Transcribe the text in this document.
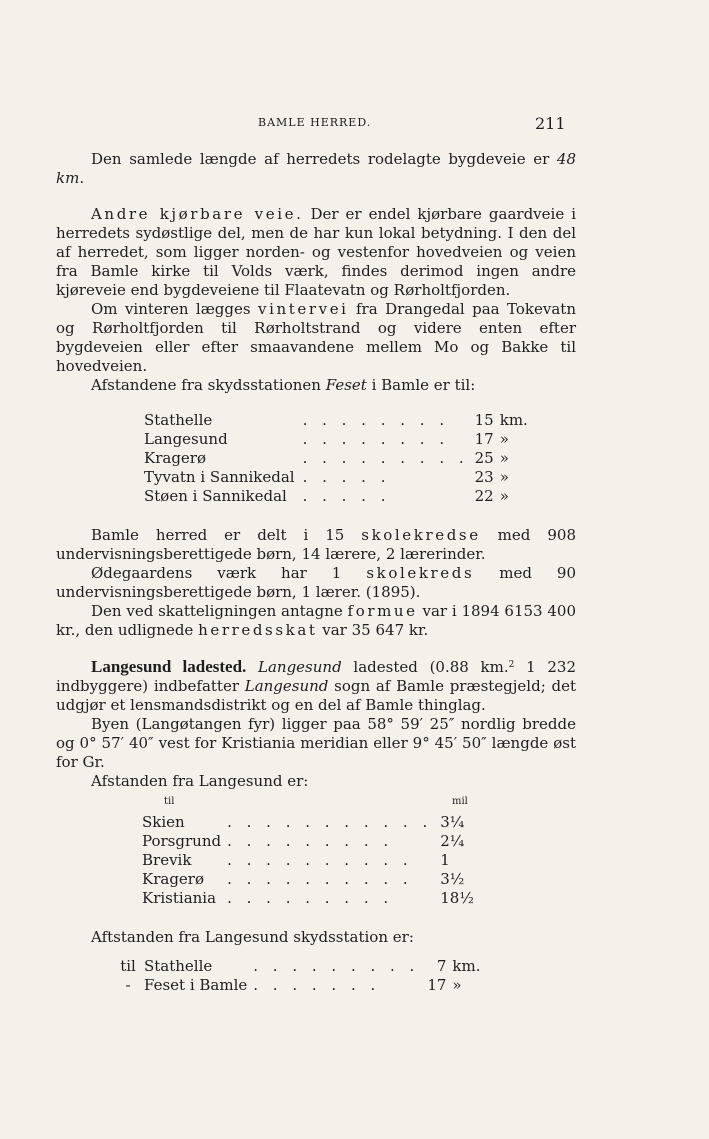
BAMLE HERRED.	211

Den samlede længde af herredets rodelagte bygdeveie er 48 km.

Andre kjørbare veie. Der er endel kjørbare gaardveie i herredets sydøstlige del, men de har kun lokal betydning. I den del af herredet, som ligger norden- og vestenfor hovedveien og veien fra Bamle kirke til Volds værk, findes derimod ingen andre kjøreveie end bygdeveiene til Flaatevatn og Rørholtfjorden.

Om vinteren lægges vintervei fra Drangedal paa Tokevatn og Rørholtfjorden til Rørholtstrand og videre enten efter bygdeveien eller efter smaavandene mellem Mo og Bakke til hovedveien.

Afstandene fra skydsstationen Feset i Bamle er til:

Stathelle	. . . . . . . .	15	km.
Langesund	. . . . . . . .	17	»
Kragerø	. . . . . . . . .	25	»
Tyvatn i Sannikedal	. . . . .	23	»
Støen i Sannikedal	. . . . .	22	»

Bamle herred er delt i 15 skolekredse med 908 undervisningsberettigede børn, 14 lærere, 2 lærerinder.

Ødegaardens værk har 1 skolekreds med 90 undervisningsberettigede børn, 1 lærer. (1895).

Den ved skatteligningen antagne formue var i 1894 6153 400 kr., den udlignede herredsskat var 35 647 kr.

Langesund ladested. Langesund ladested (0.88 km.$^2$ 1 232 indbyggere) indbefatter Langesund sogn af Bamle præstegjeld; det udgjør et lensmandsdistrikt og en del af Bamle thinglag.

Byen (Langøtangen fyr) ligger paa 58° 59′ 25″ nordlig bredde og 0° 57′ 40″ vest for Kristiania meridian eller 9° 45′ 50″ længde øst for Gr.

Afstanden fra Langesund er:

til	mil
Skien	. . . . . . . . . . .	3¼
Porsgrund	. . . . . . . . .	2¼
Brevik	. . . . . . . . . .	1
Kragerø	. . . . . . . . . .	3½
Kristiania	. . . . . . . . .	18½

Aftstanden fra Langesund skydsstation er:

til	Stathelle	. . . . . . . . .	7	km.
-	Feset i Bamle	. . . . . . .	17	»
